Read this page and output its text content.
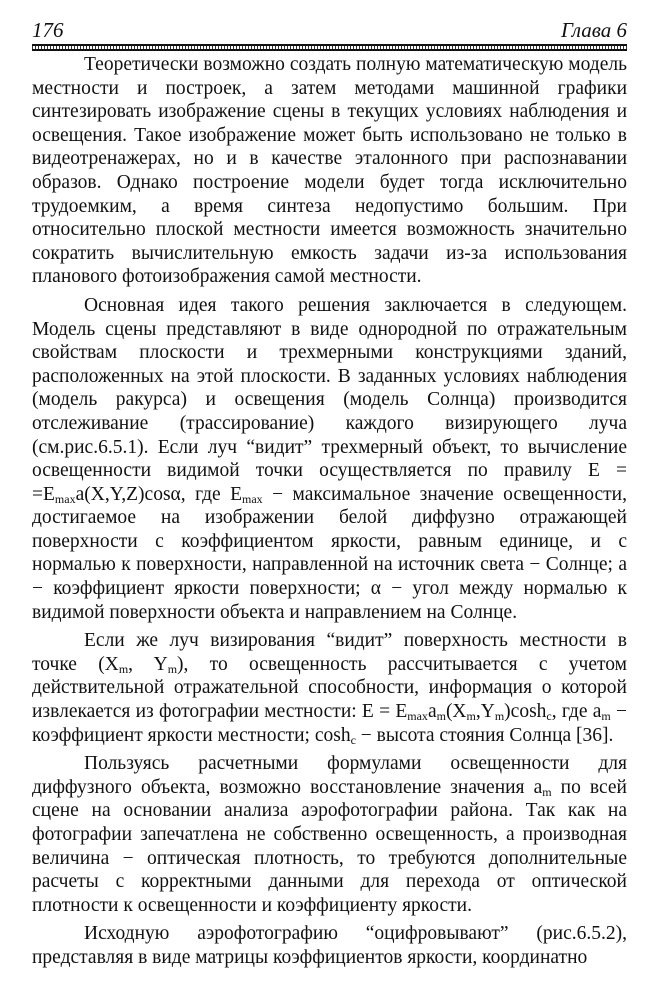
176	Глава 6

Теоретически возможно создать полную математическую модель местности и построек, а затем методами машинной графики синтезировать изображение сцены в текущих условиях наблюдения и освещения. Такое изображение может быть использовано не только в видеотренажерах, но и в качестве эталонного при распознавании образов. Однако построение модели будет тогда исключительно трудоемким, а время синтеза недопустимо большим. При относительно плоской местности имеется возможность значительно сократить вычислительную емкость задачи из-за использования планового фотоизображения самой местности.

Основная идея такого решения заключается в следующем. Модель сцены представляют в виде однородной по отражательным свойствам плоскости и трехмерными конструкциями зданий, расположенных на этой плоскости. В заданных условиях наблюдения (модель ракурса) и освещения (модель Солнца) производится отслеживание (трассирование) каждого визирующего луча (см.рис.6.5.1). Если луч “видит” трехмерный объект, то вычисление освещенности видимой точки осуществляется по правилу $E = =E_{max}a(X,Y,Z)\cos\alpha$, где $E_{max}$ − максимальное значение освещенности, достигаемое на изображении белой диффузно отражающей поверхности с коэффициентом яркости, равным единице, и с нормалью к поверхности, направленной на источник света − Солнце; a − коэффициент яркости поверхности; α − угол между нормалью к видимой поверхности объекта и направлением на Солнце.

Если же луч визирования “видит” поверхность местности в точке ($X_m$, $Y_m$), то освещенность рассчитывается с учетом действительной отражательной способности, информация о которой извлекается из фотографии местности: $E = E_{max}a_m(X_m,Y_m)\cosh_c$, где $a_m$ − коэффициент яркости местности; $\cosh_c$ − высота стояния Солнца [36].

Пользуясь расчетными формулами освещенности для диффузного объекта, возможно восстановление значения $a_m$ по всей сцене на основании анализа аэрофотографии района. Так как на фотографии запечатлена не собственно освещенность, а производная величина − оптическая плотность, то требуются дополнительные расчеты с корректными данными для перехода от оптической плотности к освещенности и коэффициенту яркости.

Исходную аэрофотографию “оцифровывают” (рис.6.5.2), представляя в виде матрицы коэффициентов яркости, координатно
